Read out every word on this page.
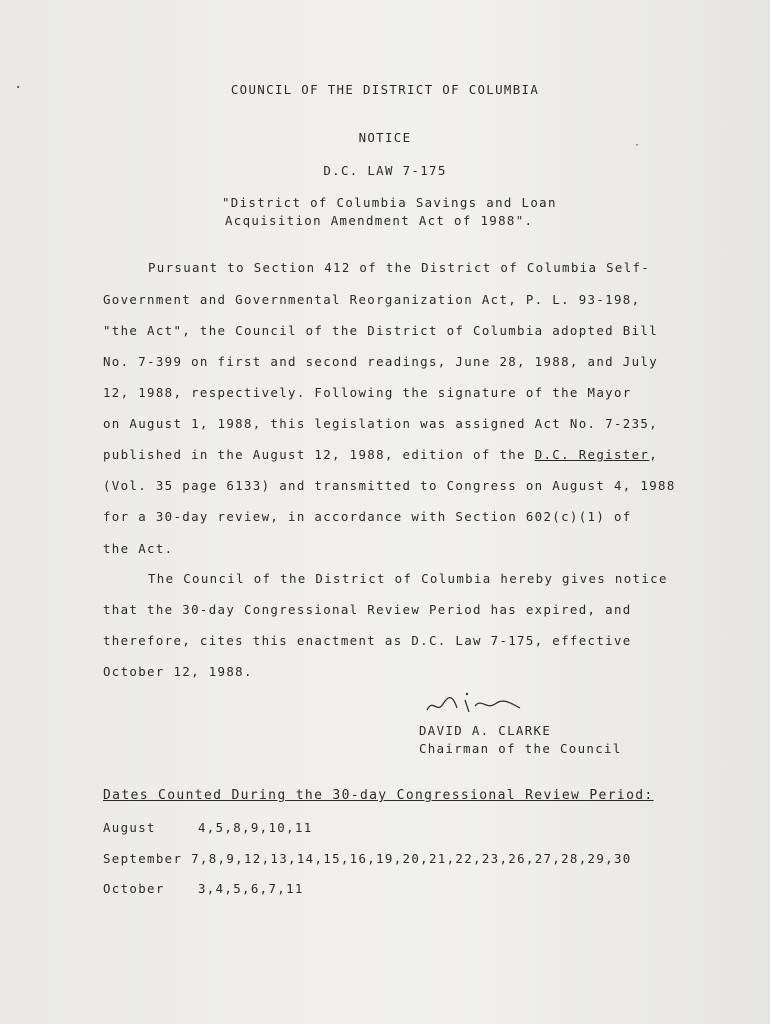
COUNCIL OF THE DISTRICT OF COLUMBIA
NOTICE
D.C. LAW 7-175
"District of Columbia Savings and Loan
Acquisition Amendment Act of 1988".
Pursuant to Section 412 of the District of Columbia Self-
Government and Governmental Reorganization Act, P. L. 93-198,
"the Act", the Council of the District of Columbia adopted Bill
No. 7-399 on first and second readings, June 28, 1988, and July
12, 1988, respectively. Following the signature of the Mayor
on August 1, 1988, this legislation was assigned Act No. 7-235,
published in the August 12, 1988, edition of the D.C. Register,
(Vol. 35 page 6133) and transmitted to Congress on August 4, 1988
for a 30-day review, in accordance with Section 602(c)(1) of
the Act.
The Council of the District of Columbia hereby gives notice
that the 30-day Congressional Review Period has expired, and
therefore, cites this enactment as D.C. Law 7-175, effective
October 12, 1988.
DAVID A. CLARKE
Chairman of the Council
Dates Counted During the 30-day Congressional Review Period:
August	4,5,8,9,10,11
September 7,8,9,12,13,14,15,16,19,20,21,22,23,26,27,28,29,30
October	3,4,5,6,7,11
·
·
